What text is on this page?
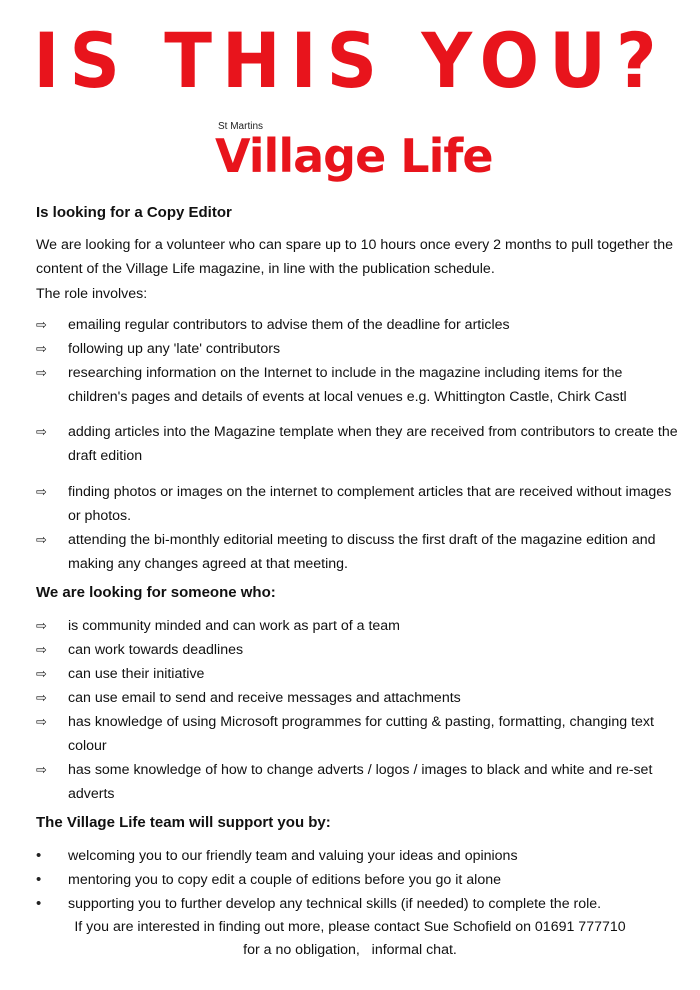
IS THIS YOU?
St Martins
Village Life
Is looking for a Copy Editor
We are looking for a volunteer who can spare up to 10 hours once every 2 months to pull together the content of the Village Life magazine, in line with the publication schedule.
The role involves:
⇨	emailing regular contributors to advise them of the deadline for articles
⇨	following up any 'late' contributors
⇨	researching information on the Internet to include in the magazine including items for the children's pages and details of events at local venues e.g. Whittington Castle, Chirk Castl
⇨	adding articles into the Magazine template when they are received from contributors to create the draft edition
⇨	finding photos or images on the internet to complement articles that are received without images or photos.
⇨	attending the bi-monthly editorial meeting to discuss the first draft of the magazine edition and making any changes agreed at that meeting.
We are looking for someone who:
⇨	is community minded and can work as part of a team
⇨	can work towards deadlines
⇨	can use their initiative
⇨	can use email to send and receive messages and attachments
⇨	has knowledge of using Microsoft programmes for cutting & pasting, formatting, changing text colour
⇨	has some knowledge of how to change adverts / logos / images to black and white and re-set adverts
The Village Life team will support you by:
•	welcoming you to our friendly team and valuing your ideas and opinions
•	mentoring you to copy edit a couple of editions before you go it alone
•	supporting you to further develop any technical skills (if needed) to complete the role.
If you are interested in finding out more, please contact Sue Schofield on 01691 777710
for a no obligation,   informal chat.
